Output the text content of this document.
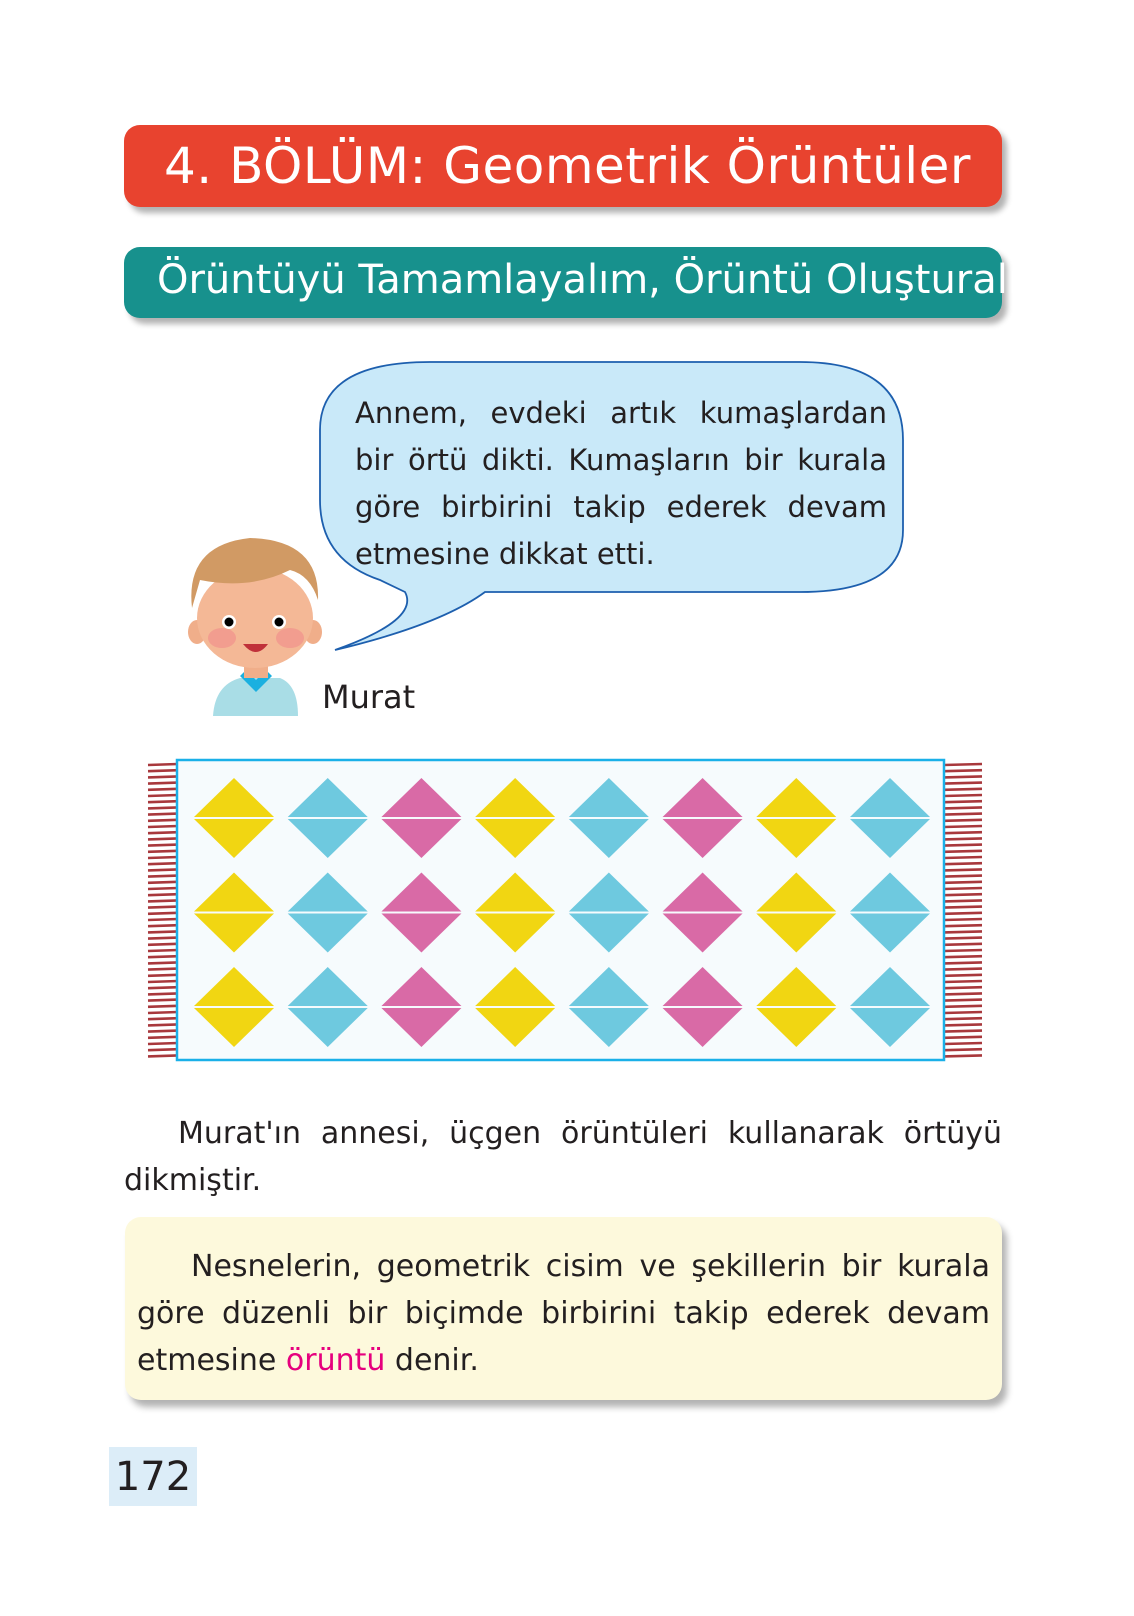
4. BÖLÜM: Geometrik Örüntüler
Örüntüyü Tamamlayalım, Örüntü Oluşturalım
Annem, evdeki artık kumaşlardan bir örtü dikti. Kumaşların bir kurala göre birbirini takip ederek devam etmesine dikkat etti.
Murat
Murat'ın annesi, üçgen örüntüleri kullanarak örtüyü dikmiştir.
Nesnelerin, geometrik cisim ve şekillerin bir kurala göre düzenli bir biçimde birbirini takip ederek devam etmesine örüntü denir.
172
